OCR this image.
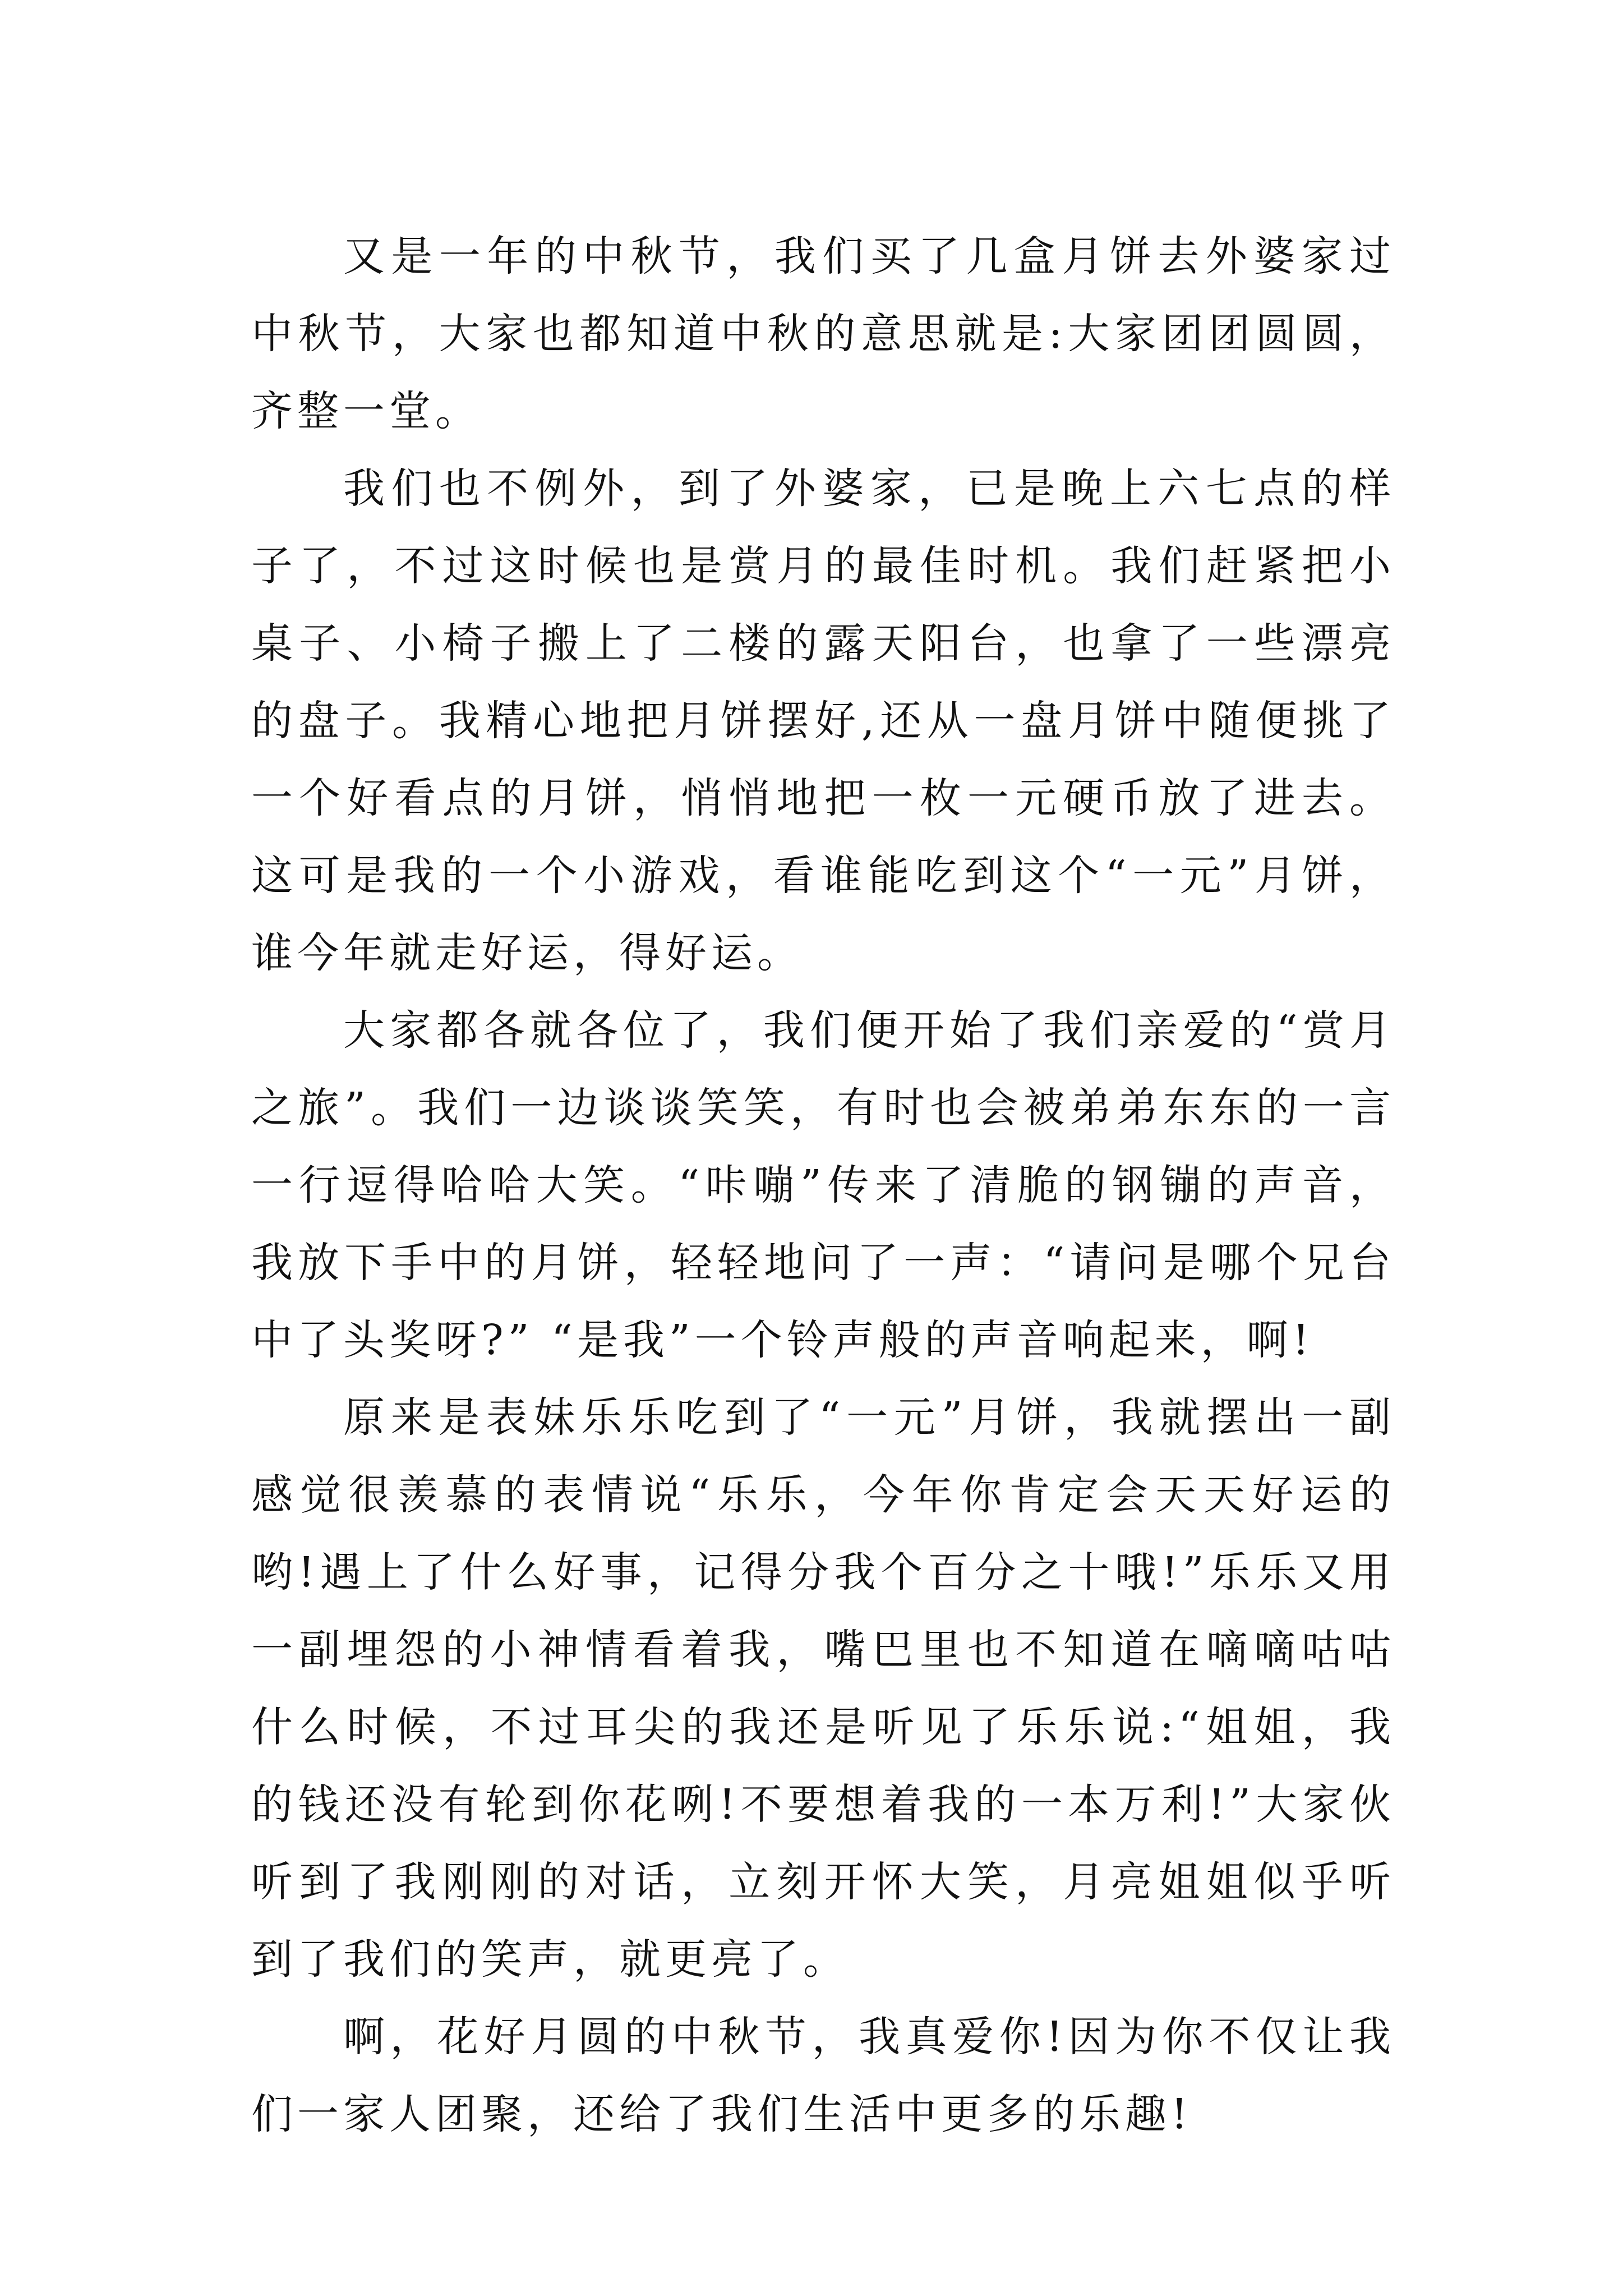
又是一年的中秋节，我们买了几盒月饼去外婆家过中秋节，大家也都知道中秋的意思就是:大家团团圆圆，齐整一堂。

我们也不例外，到了外婆家，已是晚上六七点的样子了，不过这时候也是赏月的最佳时机。我们赶紧把小桌子、小椅子搬上了二楼的露天阳台，也拿了一些漂亮的盘子。我精心地把月饼摆好,还从一盘月饼中随便挑了一个好看点的月饼，悄悄地把一枚一元硬币放了进去。这可是我的一个小游戏，看谁能吃到这个“一元”月饼，谁今年就走好运，得好运。

大家都各就各位了，我们便开始了我们亲爱的“赏月之旅”。我们一边谈谈笑笑，有时也会被弟弟东东的一言一行逗得哈哈大笑。“咔嘣”传来了清脆的钢镚的声音，我放下手中的月饼，轻轻地问了一声：“请问是哪个兄台中了头奖呀?” “是我”一个铃声般的声音响起来，啊!

原来是表妹乐乐吃到了“一元”月饼，我就摆出一副感觉很羡慕的表情说“乐乐，今年你肯定会天天好运的哟!遇上了什么好事，记得分我个百分之十哦!”乐乐又用一副埋怨的小神情看着我，嘴巴里也不知道在嘀嘀咕咕什么时候，不过耳尖的我还是听见了乐乐说:“姐姐，我的钱还没有轮到你花咧!不要想着我的一本万利!”大家伙听到了我刚刚的对话，立刻开怀大笑，月亮姐姐似乎听到了我们的笑声，就更亮了。

啊，花好月圆的中秋节，我真爱你!因为你不仅让我们一家人团聚，还给了我们生活中更多的乐趣!
